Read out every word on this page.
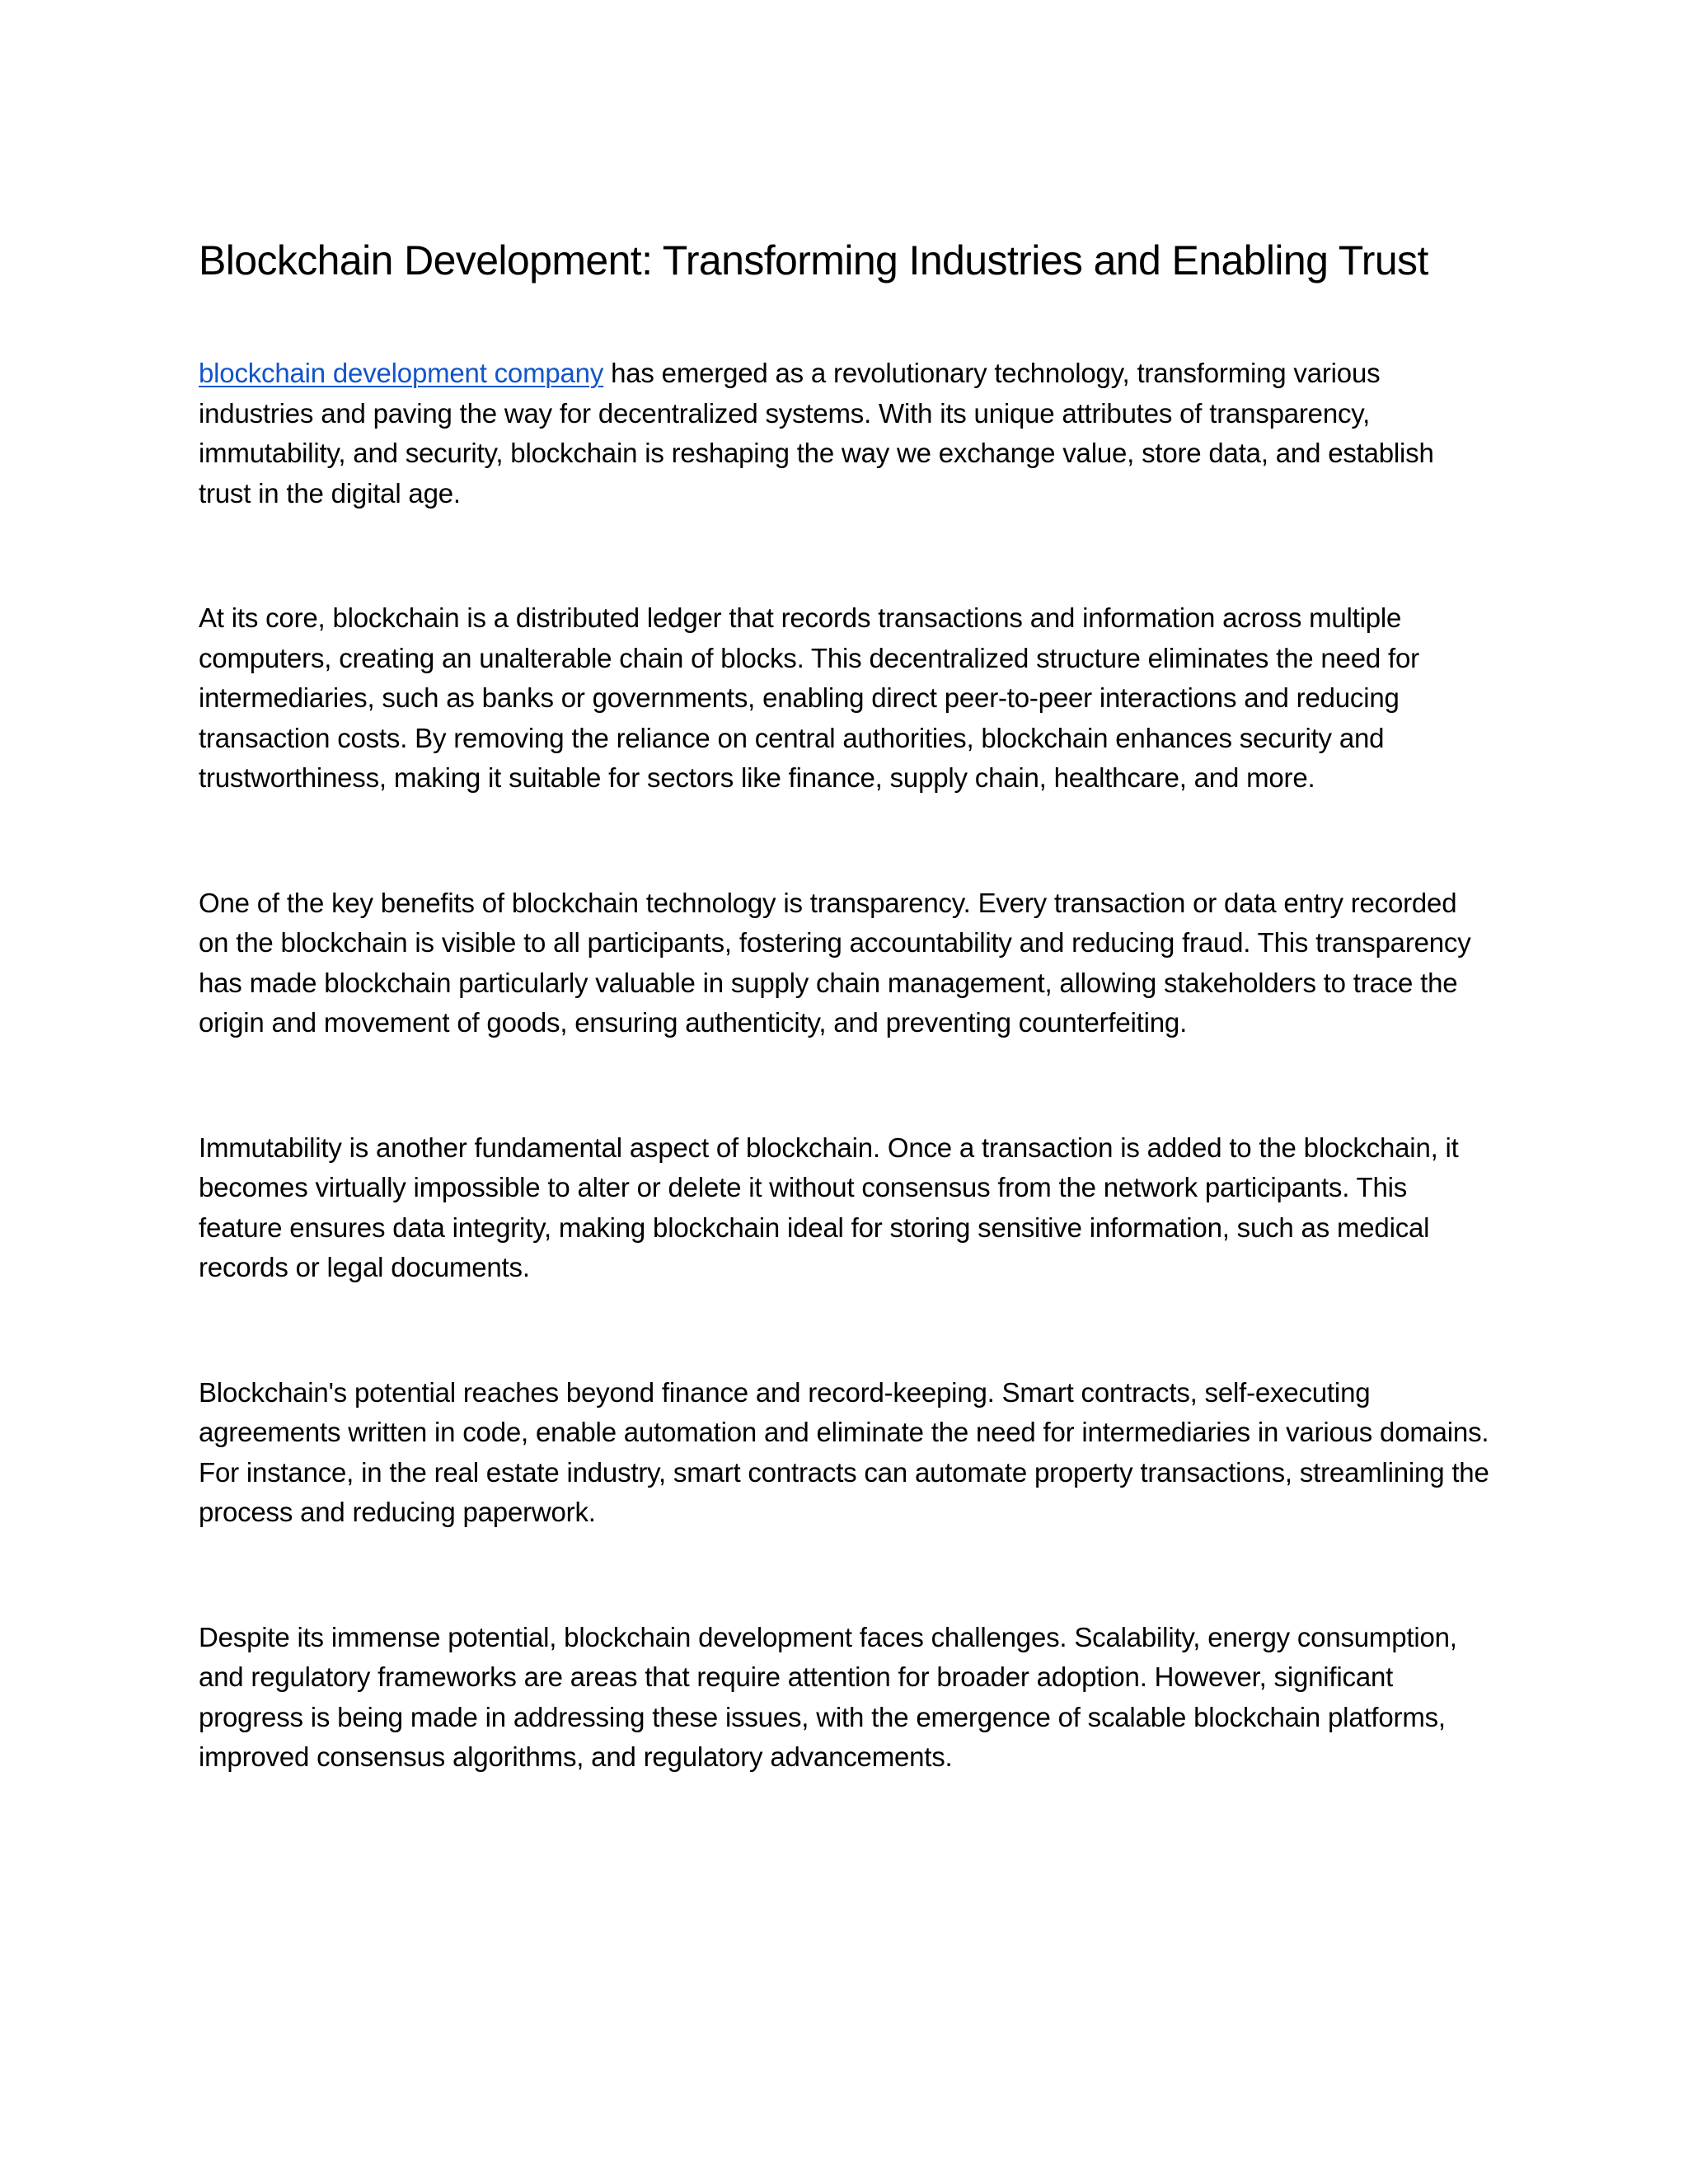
Blockchain Development: Transforming Industries and Enabling Trust

blockchain development company has emerged as a revolutionary technology, transforming various industries and paving the way for decentralized systems. With its unique attributes of transparency, immutability, and security, blockchain is reshaping the way we exchange value, store data, and establish trust in the digital age.

At its core, blockchain is a distributed ledger that records transactions and information across multiple computers, creating an unalterable chain of blocks. This decentralized structure eliminates the need for intermediaries, such as banks or governments, enabling direct peer-to-peer interactions and reducing transaction costs. By removing the reliance on central authorities, blockchain enhances security and trustworthiness, making it suitable for sectors like finance, supply chain, healthcare, and more.

One of the key benefits of blockchain technology is transparency. Every transaction or data entry recorded on the blockchain is visible to all participants, fostering accountability and reducing fraud. This transparency has made blockchain particularly valuable in supply chain management, allowing stakeholders to trace the origin and movement of goods, ensuring authenticity, and preventing counterfeiting.

Immutability is another fundamental aspect of blockchain. Once a transaction is added to the blockchain, it becomes virtually impossible to alter or delete it without consensus from the network participants. This feature ensures data integrity, making blockchain ideal for storing sensitive information, such as medical records or legal documents.

Blockchain's potential reaches beyond finance and record-keeping. Smart contracts, self-executing agreements written in code, enable automation and eliminate the need for intermediaries in various domains. For instance, in the real estate industry, smart contracts can automate property transactions, streamlining the process and reducing paperwork.

Despite its immense potential, blockchain development faces challenges. Scalability, energy consumption, and regulatory frameworks are areas that require attention for broader adoption. However, significant progress is being made in addressing these issues, with the emergence of scalable blockchain platforms, improved consensus algorithms, and regulatory advancements.
